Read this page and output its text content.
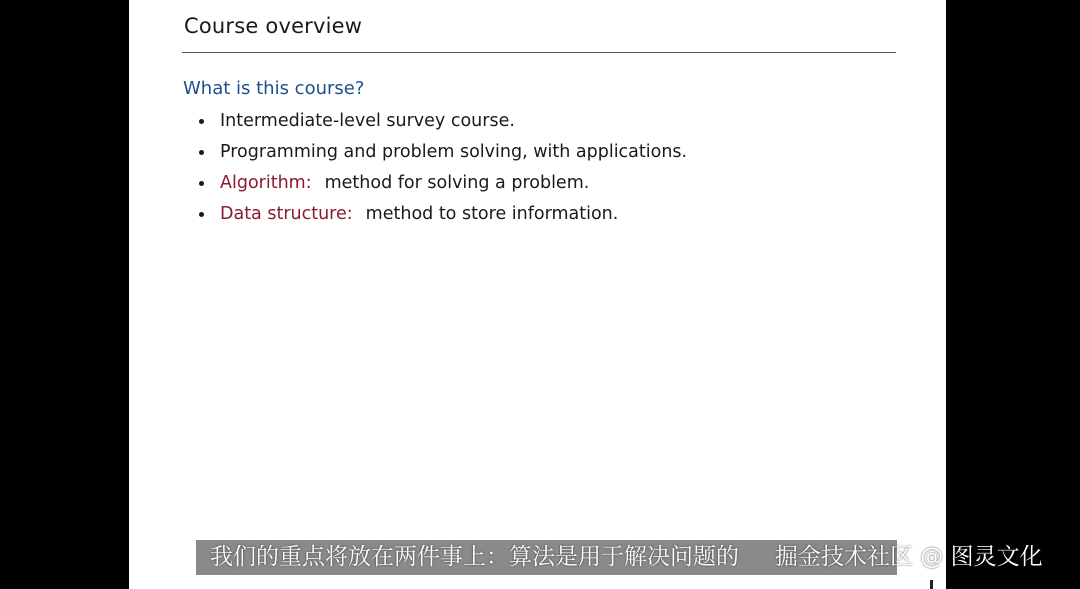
Course overview
What is this course?
Intermediate-level survey course.
Programming and problem solving, with applications.
Algorithm: method for solving a problem.
Data structure: method to store information.
我们的重点将放在两件事上：算法是用于解决问题的 掘金技术社区 @ 图灵文化
